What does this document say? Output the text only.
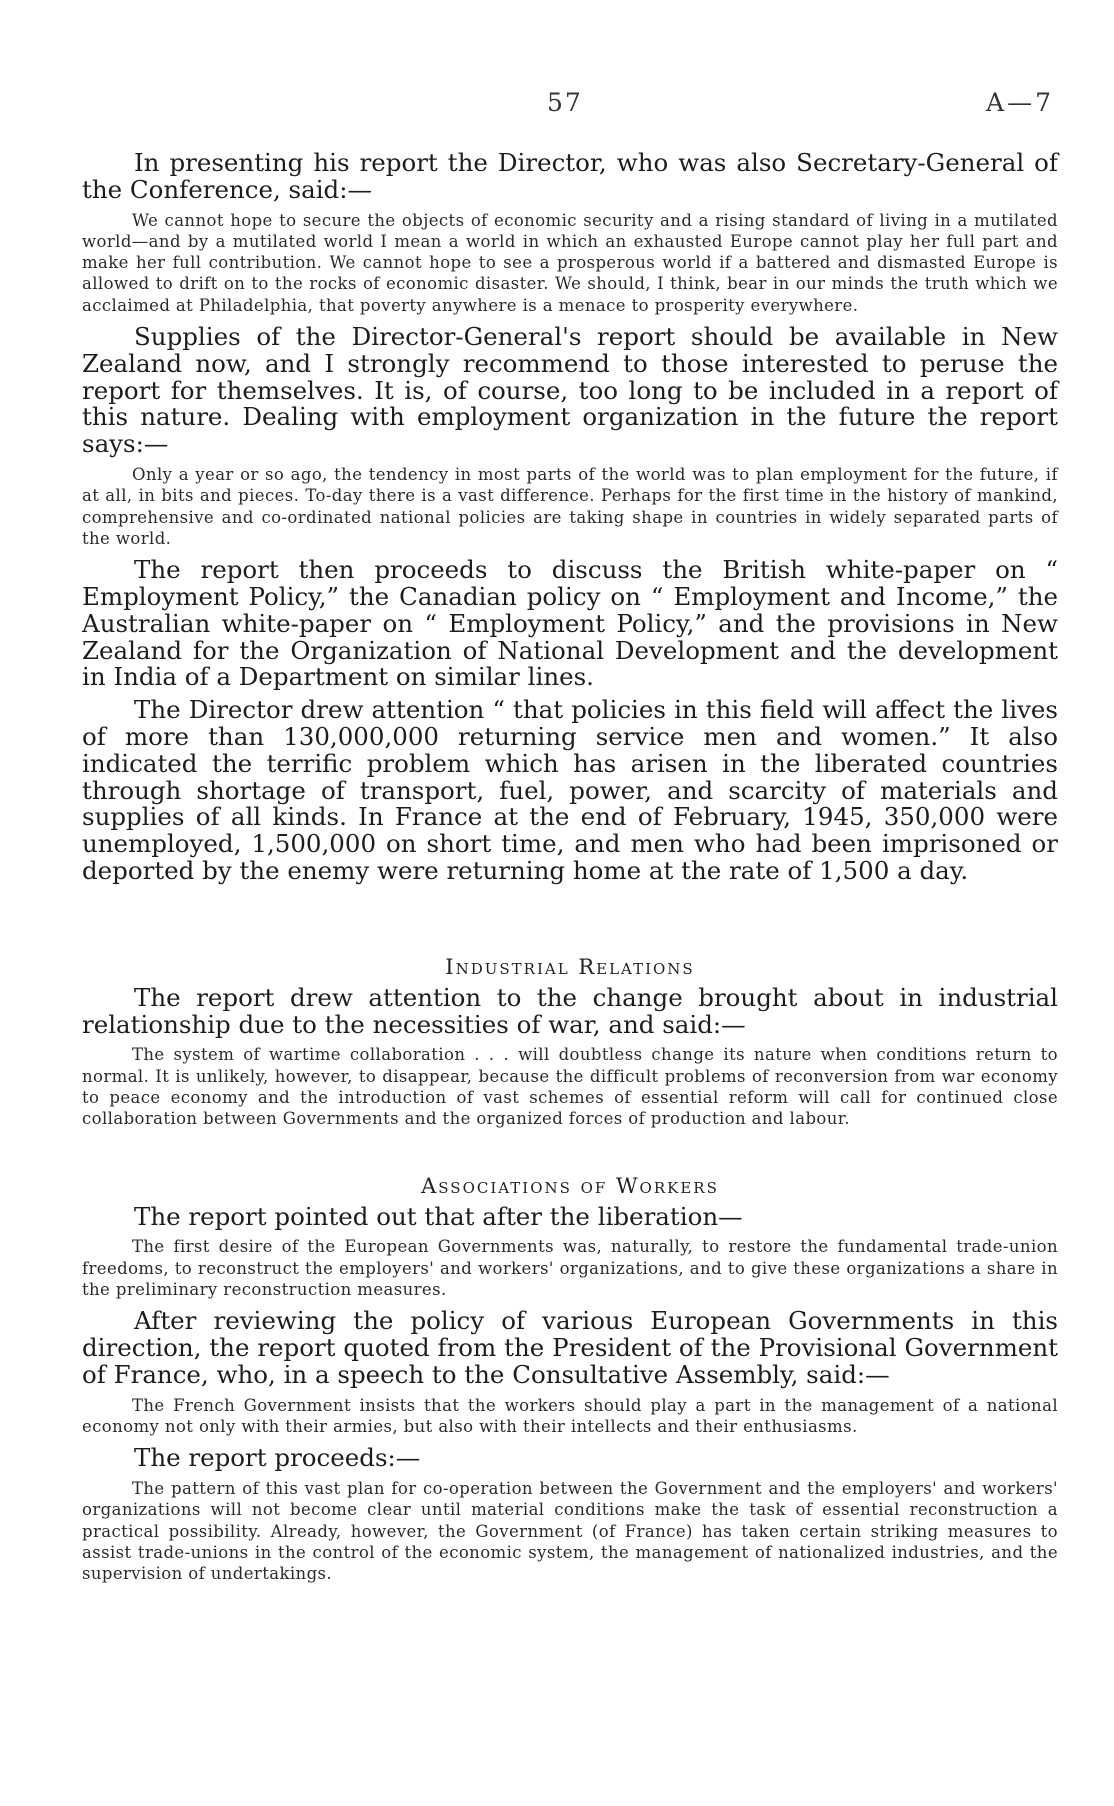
57	A—7

In presenting his report the Director, who was also Secretary-General of the Conference, said:—

We cannot hope to secure the objects of economic security and a rising standard of living in a mutilated world—and by a mutilated world I mean a world in which an exhausted Europe cannot play her full part and make her full contribution. We cannot hope to see a prosperous world if a battered and dismasted Europe is allowed to drift on to the rocks of economic disaster. We should, I think, bear in our minds the truth which we acclaimed at Philadelphia, that poverty anywhere is a menace to prosperity everywhere.

Supplies of the Director-General's report should be available in New Zealand now, and I strongly recommend to those interested to peruse the report for themselves. It is, of course, too long to be included in a report of this nature. Dealing with employment organization in the future the report says:—

Only a year or so ago, the tendency in most parts of the world was to plan employment for the future, if at all, in bits and pieces. To-day there is a vast difference. Perhaps for the first time in the history of mankind, comprehensive and co-ordinated national policies are taking shape in countries in widely separated parts of the world.

The report then proceeds to discuss the British white-paper on “ Employment Policy,” the Canadian policy on “ Employment and Income,” the Australian white-paper on “ Employment Policy,” and the provisions in New Zealand for the Organization of National Development and the development in India of a Department on similar lines.

The Director drew attention “ that policies in this field will affect the lives of more than 130,000,000 returning service men and women.” It also indicated the terrific problem which has arisen in the liberated countries through shortage of transport, fuel, power, and scarcity of materials and supplies of all kinds. In France at the end of February, 1945, 350,000 were unemployed, 1,500,000 on short time, and men who had been imprisoned or deported by the enemy were returning home at the rate of 1,500 a day.

Industrial Relations

The report drew attention to the change brought about in industrial relationship due to the necessities of war, and said:—

The system of wartime collaboration . . . will doubtless change its nature when conditions return to normal. It is unlikely, however, to disappear, because the difficult problems of reconversion from war economy to peace economy and the introduction of vast schemes of essential reform will call for continued close collaboration between Governments and the organized forces of production and labour.

Associations of Workers

The report pointed out that after the liberation—

The first desire of the European Governments was, naturally, to restore the fundamental trade-union freedoms, to reconstruct the employers' and workers' organizations, and to give these organizations a share in the preliminary reconstruction measures.

After reviewing the policy of various European Governments in this direction, the report quoted from the President of the Provisional Government of France, who, in a speech to the Consultative Assembly, said:—

The French Government insists that the workers should play a part in the management of a national economy not only with their armies, but also with their intellects and their enthusiasms.

The report proceeds:—

The pattern of this vast plan for co-operation between the Government and the employers' and workers' organizations will not become clear until material conditions make the task of essential reconstruction a practical possibility. Already, however, the Government (of France) has taken certain striking measures to assist trade-unions in the control of the economic system, the management of nationalized industries, and the supervision of undertakings.
